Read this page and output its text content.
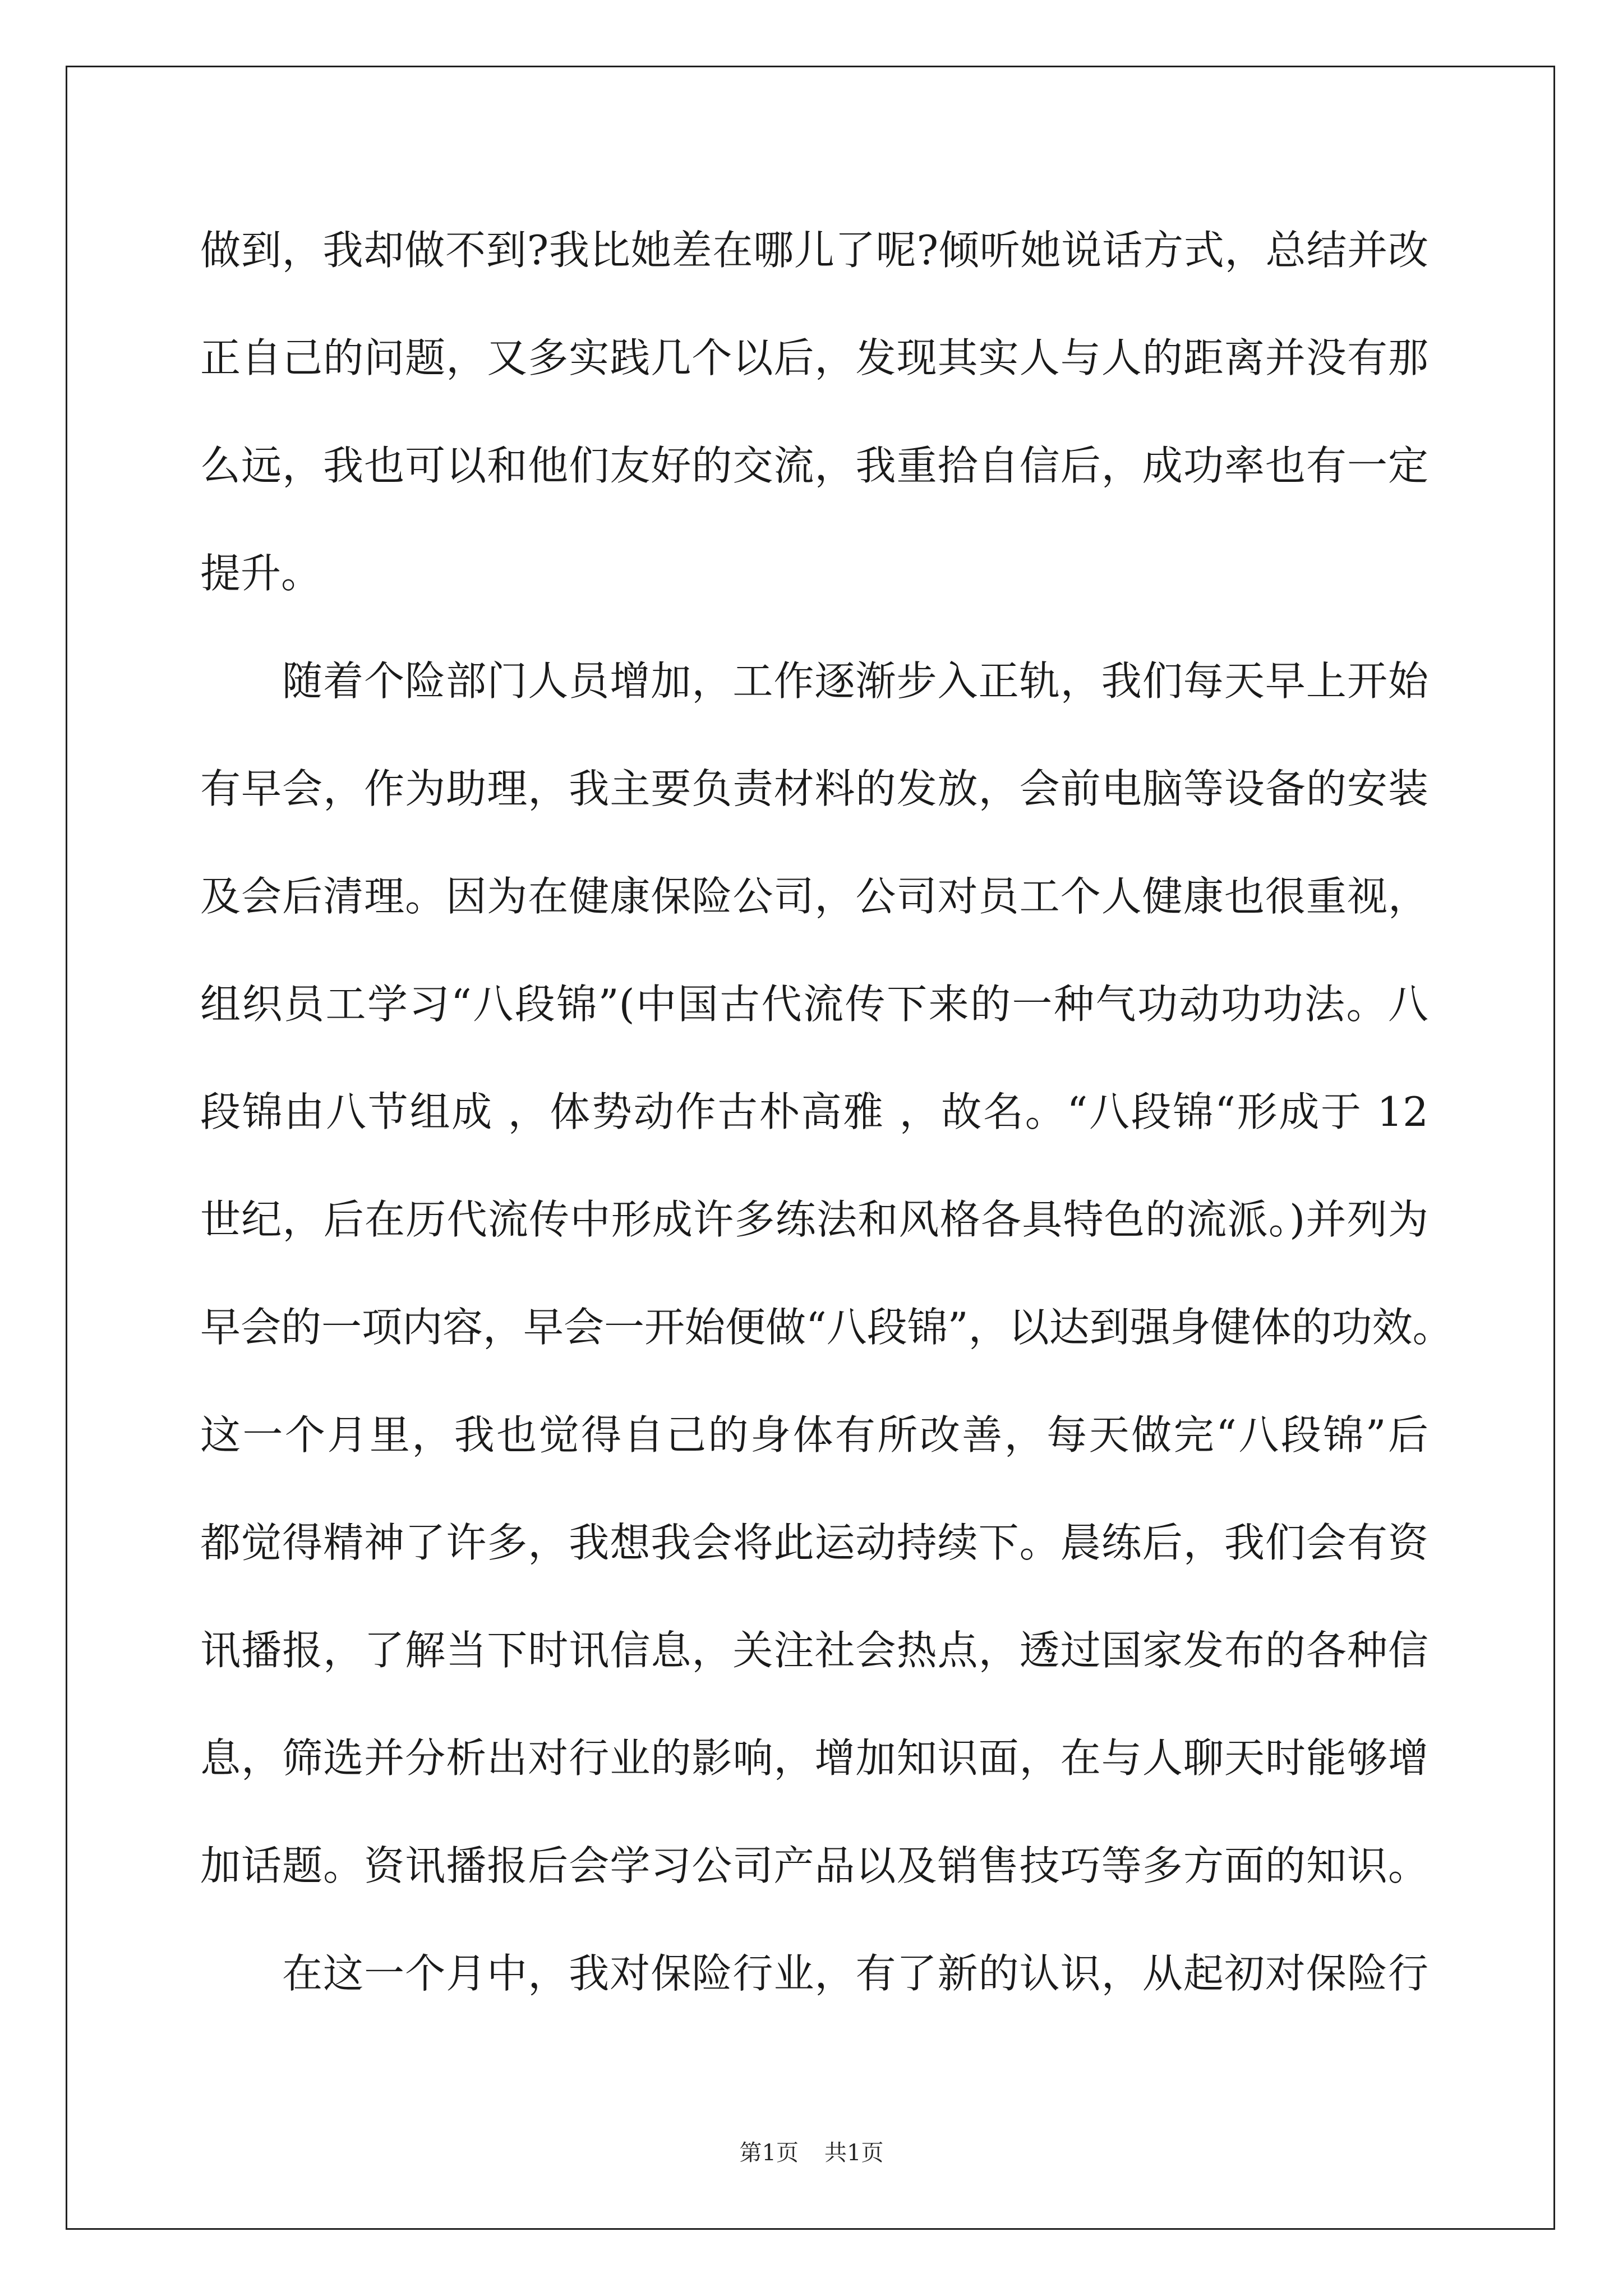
做到，我却做不到?我比她差在哪儿了呢?倾听她说话方式，总结并改
正自己的问题，又多实践几个以后，发现其实人与人的距离并没有那
么远，我也可以和他们友好的交流，我重拾自信后，成功率也有一定
提升。
随着个险部门人员增加，工作逐渐步入正轨，我们每天早上开始
有早会，作为助理，我主要负责材料的发放，会前电脑等设备的安装
及会后清理。因为在健康保险公司，公司对员工个人健康也很重视，
组织员工学习“八段锦”(中国古代流传下来的一种气功动功功法。八
段锦由八节组成 ，体势动作古朴高雅 ，故名。“八段锦“形成于 12
世纪，后在历代流传中形成许多练法和风格各具特色的流派。)并列为
早会的一项内容，早会一开始便做“八段锦”，以达到强身健体的功效。
这一个月里，我也觉得自己的身体有所改善，每天做完“八段锦”后
都觉得精神了许多，我想我会将此运动持续下。晨练后，我们会有资
讯播报，了解当下时讯信息，关注社会热点，透过国家发布的各种信
息，筛选并分析出对行业的影响，增加知识面，在与人聊天时能够增
加话题。资讯播报后会学习公司产品以及销售技巧等多方面的知识。
在这一个月中，我对保险行业，有了新的认识，从起初对保险行
第1页 共1页
